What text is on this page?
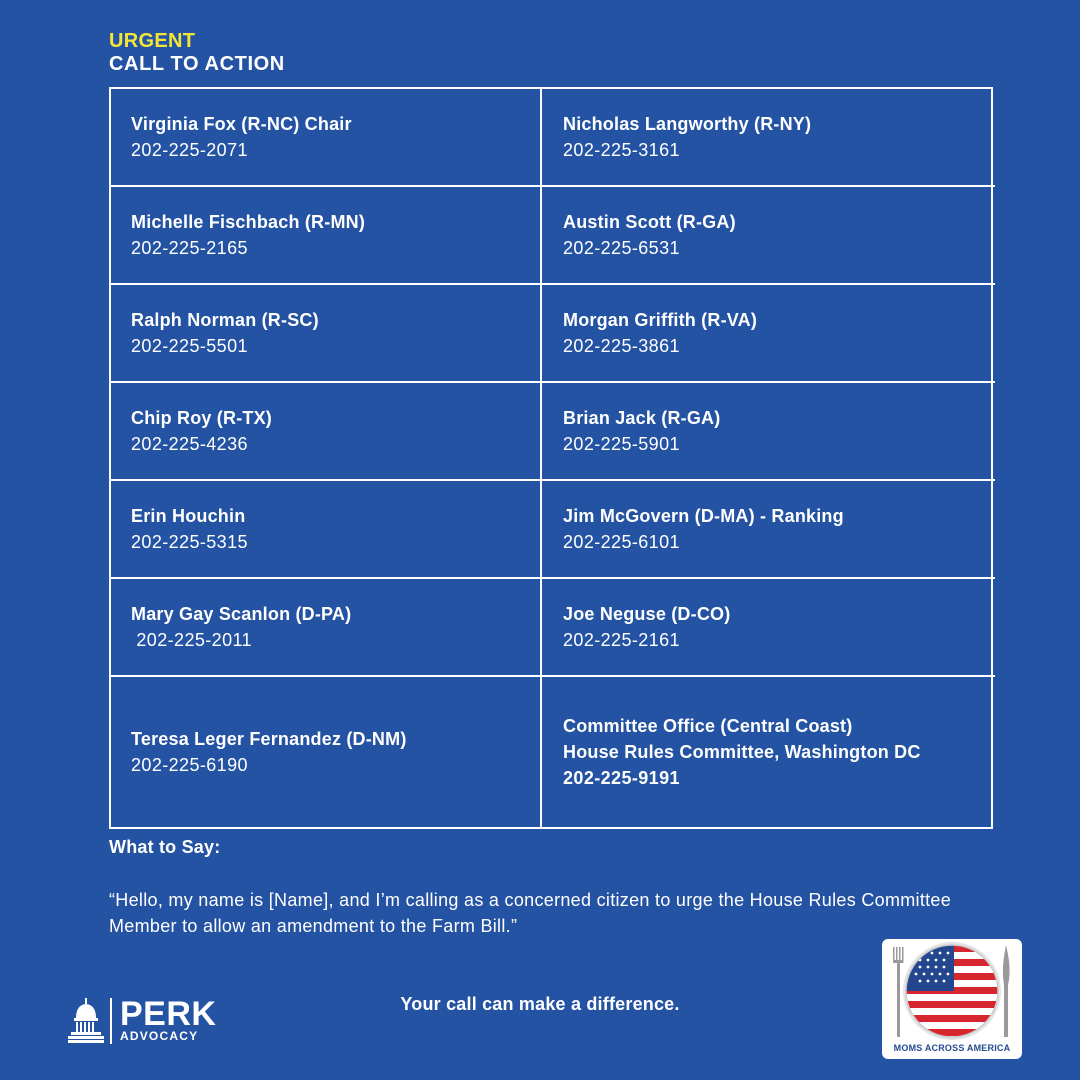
URGENT
CALL TO ACTION
Virginia Fox (R-NC) Chair
202-225-2071
Nicholas Langworthy (R-NY)
202-225-3161
Michelle Fischbach (R-MN)
202-225-2165
Austin Scott (R-GA)
202-225-6531
Ralph Norman (R-SC)
202-225-5501
Morgan Griffith (R-VA)
202-225-3861
Chip Roy (R-TX)
202-225-4236
Brian Jack (R-GA)
202-225-5901
Erin Houchin
202-225-5315
Jim McGovern (D-MA) - Ranking
202-225-6101
Mary Gay Scanlon (D-PA)
202-225-2011
Joe Neguse (D-CO)
202-225-2161
Teresa Leger Fernandez (D-NM)
202-225-6190
Committee Office (Central Coast)
House Rules Committee, Washington DC
202-225-9191
What to Say:
“Hello, my name is [Name], and I’m calling as a concerned citizen to urge the House Rules Committee Member to allow an amendment to the Farm Bill.”
Your call can make a difference.
PERK
ADVOCACY
MOMS ACROSS AMERICA
